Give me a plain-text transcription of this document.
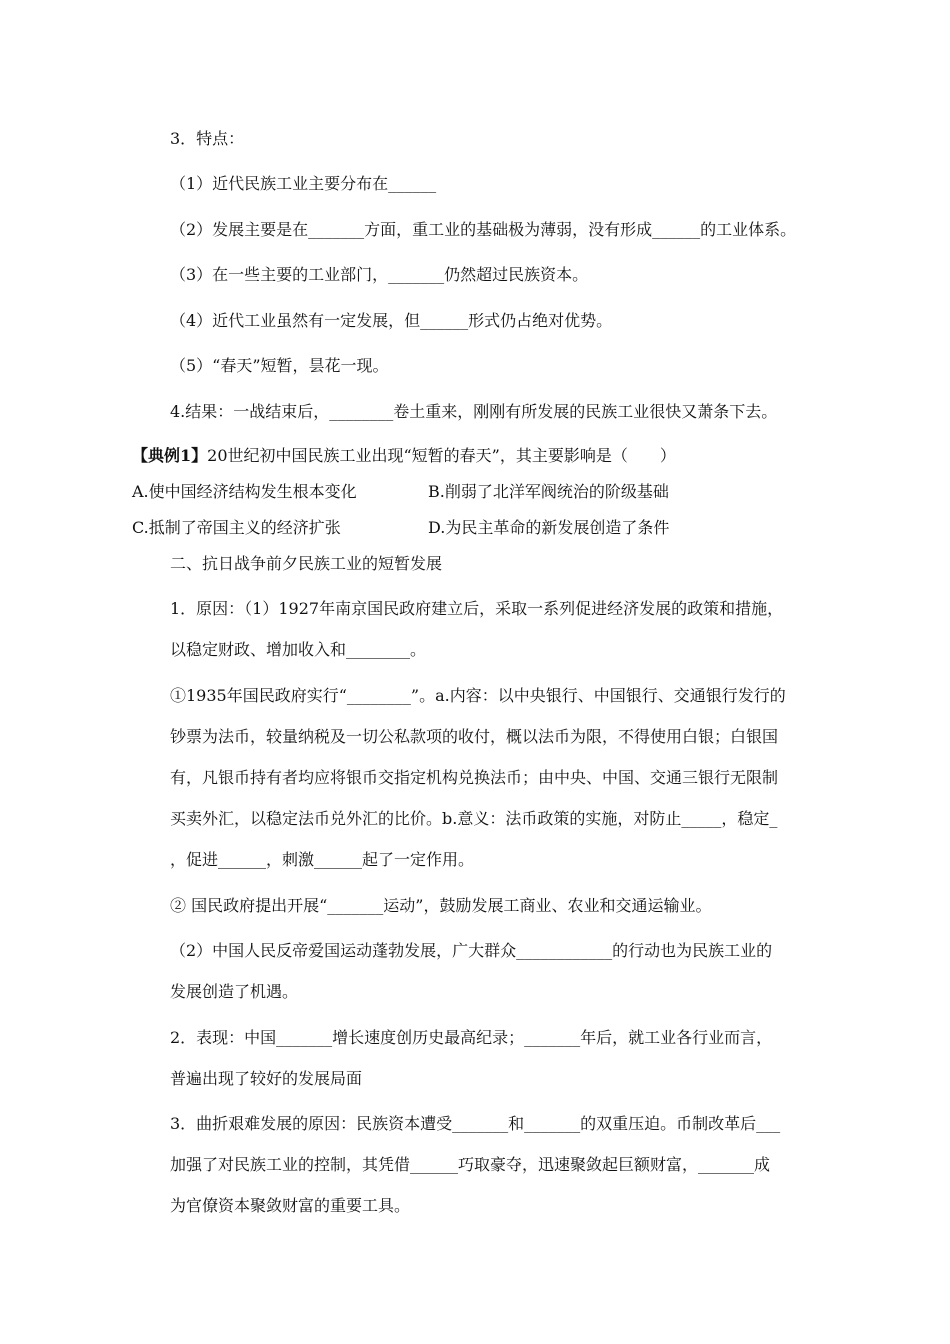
3．特点：
（1）近代民族工业主要分布在______
（2）发展主要是在_______方面，重工业的基础极为薄弱，没有形成______的工业体系。
（3）在一些主要的工业部门，_______仍然超过民族资本。
（4）近代工业虽然有一定发展，但______形式仍占绝对优势。
（5）“春天”短暂，昙花一现。
4.结果：一战结束后，________卷土重来，刚刚有所发展的民族工业很快又萧条下去。
【典例1】20世纪初中国民族工业出现“短暂的春天”，其主要影响是（　　）
A.使中国经济结构发生根本变化	B.削弱了北洋军阀统治的阶级基础
C.抵制了帝国主义的经济扩张	D.为民主革命的新发展创造了条件
二、抗日战争前夕民族工业的短暂发展
1．原因：（1）1927年南京国民政府建立后，采取一系列促进经济发展的政策和措施，
以稳定财政、增加收入和________。
①1935年国民政府实行“________”。a.内容：以中央银行、中国银行、交通银行发行的
钞票为法币，较量纳税及一切公私款项的收付，概以法币为限，不得使用白银；白银国
有，凡银币持有者均应将银币交指定机构兑换法币；由中央、中国、交通三银行无限制
买卖外汇，以稳定法币兑外汇的比价。b.意义：法币政策的实施，对防止_____，稳定_
，促进______，刺激______起了一定作用。
② 国民政府提出开展“_______运动”，鼓励发展工商业、农业和交通运输业。
（2）中国人民反帝爱国运动蓬勃发展，广大群众____________的行动也为民族工业的
发展创造了机遇。
2．表现：中国_______增长速度创历史最高纪录；_______年后，就工业各行业而言，
普遍出现了较好的发展局面
3．曲折艰难发展的原因：民族资本遭受_______和_______的双重压迫。币制改革后___
加强了对民族工业的控制，其凭借______巧取豪夺，迅速聚敛起巨额财富，_______成
为官僚资本聚敛财富的重要工具。
